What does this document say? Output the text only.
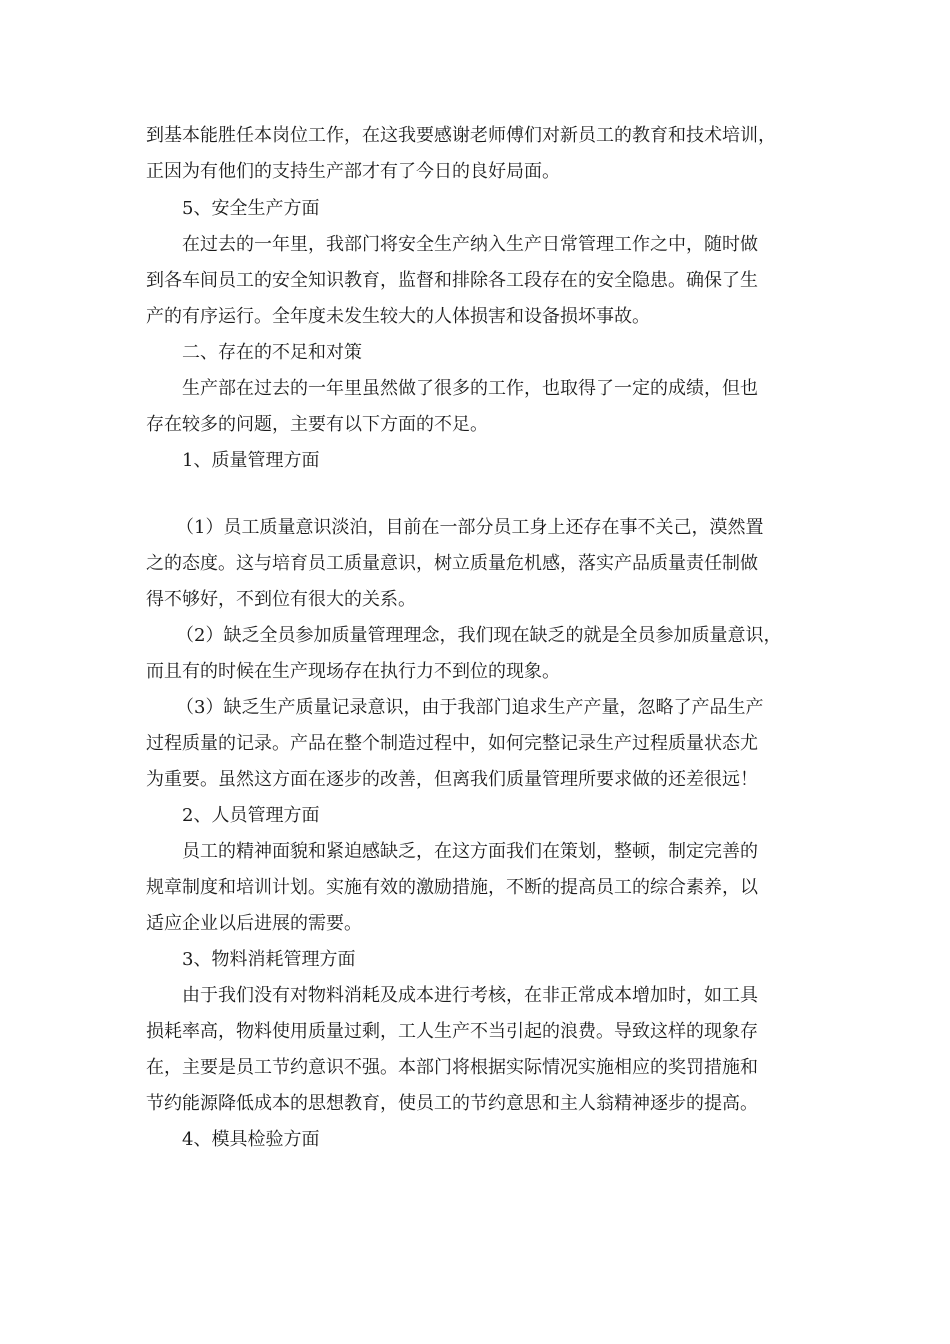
到基本能胜任本岗位工作，在这我要感谢老师傅们对新员工的教育和技术培训，
正因为有他们的支持生产部才有了今日的良好局面。
5、安全生产方面
在过去的一年里，我部门将安全生产纳入生产日常管理工作之中，随时做
到各车间员工的安全知识教育，监督和排除各工段存在的安全隐患。确保了生
产的有序运行。全年度未发生较大的人体损害和设备损坏事故。
二、存在的不足和对策
生产部在过去的一年里虽然做了很多的工作，也取得了一定的成绩，但也
存在较多的问题，主要有以下方面的不足。
1、质量管理方面
（1）员工质量意识淡泊，目前在一部分员工身上还存在事不关己，漠然置
之的态度。这与培育员工质量意识，树立质量危机感，落实产品质量责任制做
得不够好，不到位有很大的关系。
（2）缺乏全员参加质量管理理念，我们现在缺乏的就是全员参加质量意识，
而且有的时候在生产现场存在执行力不到位的现象。
（3）缺乏生产质量记录意识，由于我部门追求生产产量，忽略了产品生产
过程质量的记录。产品在整个制造过程中，如何完整记录生产过程质量状态尤
为重要。虽然这方面在逐步的改善，但离我们质量管理所要求做的还差很远！
2、人员管理方面
员工的精神面貌和紧迫感缺乏，在这方面我们在策划，整顿，制定完善的
规章制度和培训计划。实施有效的激励措施，不断的提高员工的综合素养，以
适应企业以后进展的需要。
3、物料消耗管理方面
由于我们没有对物料消耗及成本进行考核，在非正常成本增加时，如工具
损耗率高，物料使用质量过剩，工人生产不当引起的浪费。导致这样的现象存
在，主要是员工节约意识不强。本部门将根据实际情况实施相应的奖罚措施和
节约能源降低成本的思想教育，使员工的节约意思和主人翁精神逐步的提高。
4、模具检验方面
